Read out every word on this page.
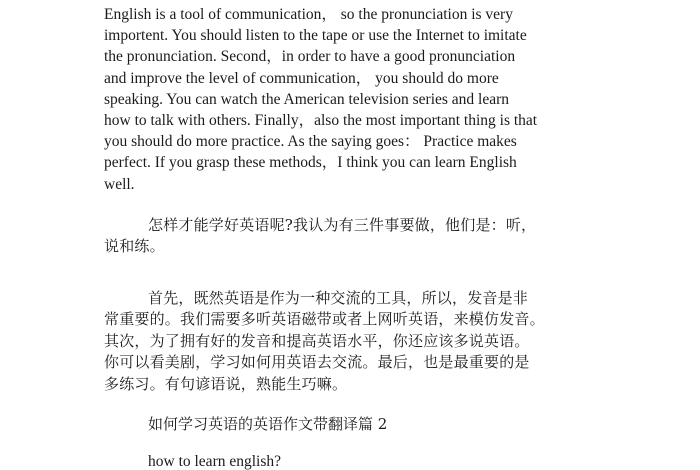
English is a tool of communication， so the pronunciation is very
importent. You should listen to the tape or use the Internet to imitate
the pronunciation. Second，in order to have a good pronunciation
and improve the level of communication， you should do more
speaking. You can watch the American television series and learn
how to talk with others. Finally，also the most important thing is that
you should do more practice. As the saying goes： Practice makes
perfect. If you grasp these methods，I think you can learn English
well.
怎样才能学好英语呢?我认为有三件事要做，他们是：听，
说和练。
首先，既然英语是作为一种交流的工具，所以，发音是非
常重要的。我们需要多听英语磁带或者上网听英语，来模仿发音。
其次，为了拥有好的发音和提高英语水平，你还应该多说英语。
你可以看美剧，学习如何用英语去交流。最后，也是最重要的是
多练习。有句谚语说，熟能生巧嘛。
如何学习英语的英语作文带翻译篇 2
how to learn english?
